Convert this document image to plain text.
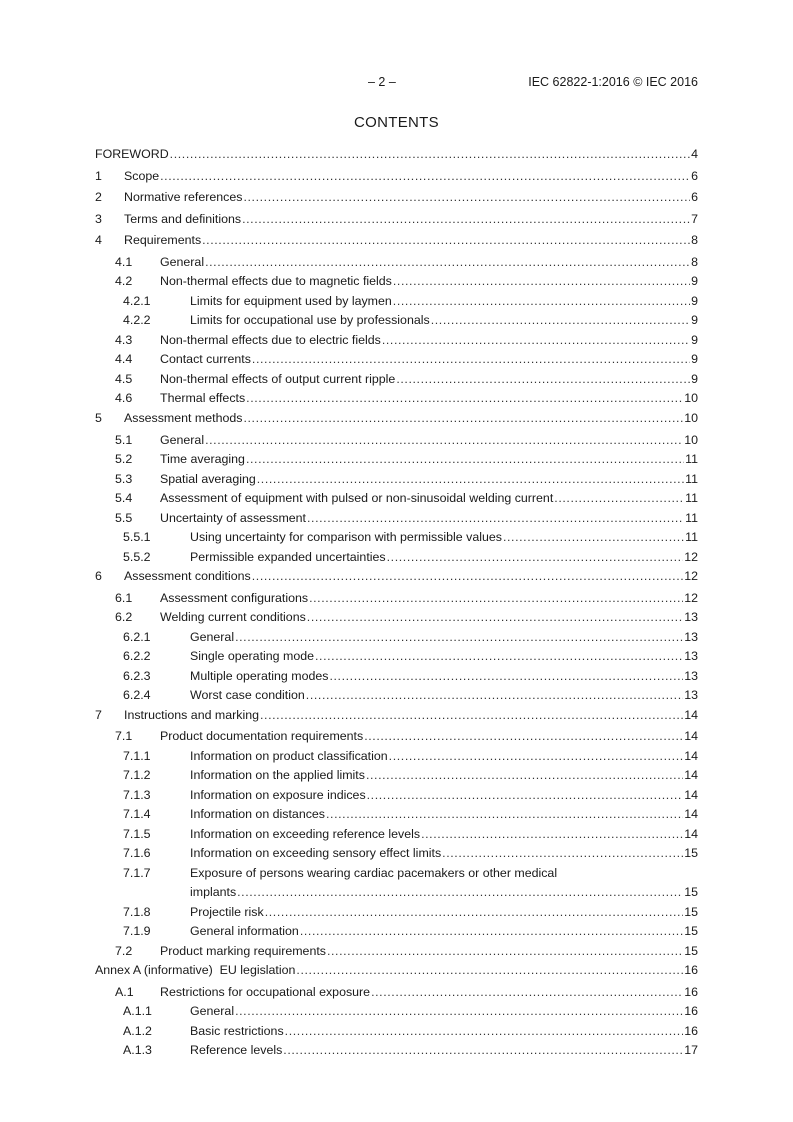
– 2 –	IEC 62822-1:2016 © IEC 2016
CONTENTS
FOREWORD .....	4
1 Scope .....	6
2 Normative references .....	6
3 Terms and definitions .....	7
4 Requirements .....	8
4.1 General .....	8
4.2 Non-thermal effects due to magnetic fields .....	9
4.2.1	Limits for equipment used by laymen .....	9
4.2.2	Limits for occupational use by professionals .....	9
4.3 Non-thermal effects due to electric fields .....	9
4.4 Contact currents .....	9
4.5 Non-thermal effects of output current ripple .....	9
4.6 Thermal effects .....	10
5 Assessment methods .....	10
5.1 General .....	10
5.2 Time averaging .....	11
5.3 Spatial averaging .....	11
5.4 Assessment of equipment with pulsed or non-sinusoidal welding current .....	11
5.5 Uncertainty of assessment .....	11
5.5.1	Using uncertainty for comparison with permissible values .....	11
5.5.2	Permissible expanded uncertainties .....	12
6 Assessment conditions .....	12
6.1 Assessment configurations .....	12
6.2 Welding current conditions .....	13
6.2.1	General .....	13
6.2.2	Single operating mode .....	13
6.2.3	Multiple operating modes .....	13
6.2.4	Worst case condition .....	13
7 Instructions and marking .....	14
7.1 Product documentation requirements .....	14
7.1.1	Information on product classification .....	14
7.1.2	Information on the applied limits .....	14
7.1.3	Information on exposure indices .....	14
7.1.4	Information on distances .....	14
7.1.5	Information on exceeding reference levels .....	14
7.1.6	Information on exceeding sensory effect limits .....	15
7.1.7	Exposure of persons wearing cardiac pacemakers or other medical
implants .....	15
7.1.8	Projectile risk .....	15
7.1.9	General information .....	15
7.2 Product marking requirements .....	15
Annex A (informative)  EU legislation .....	16
A.1 Restrictions for occupational exposure .....	16
A.1.1	General .....	16
A.1.2	Basic restrictions .....	16
A.1.3	Reference levels .....	17
